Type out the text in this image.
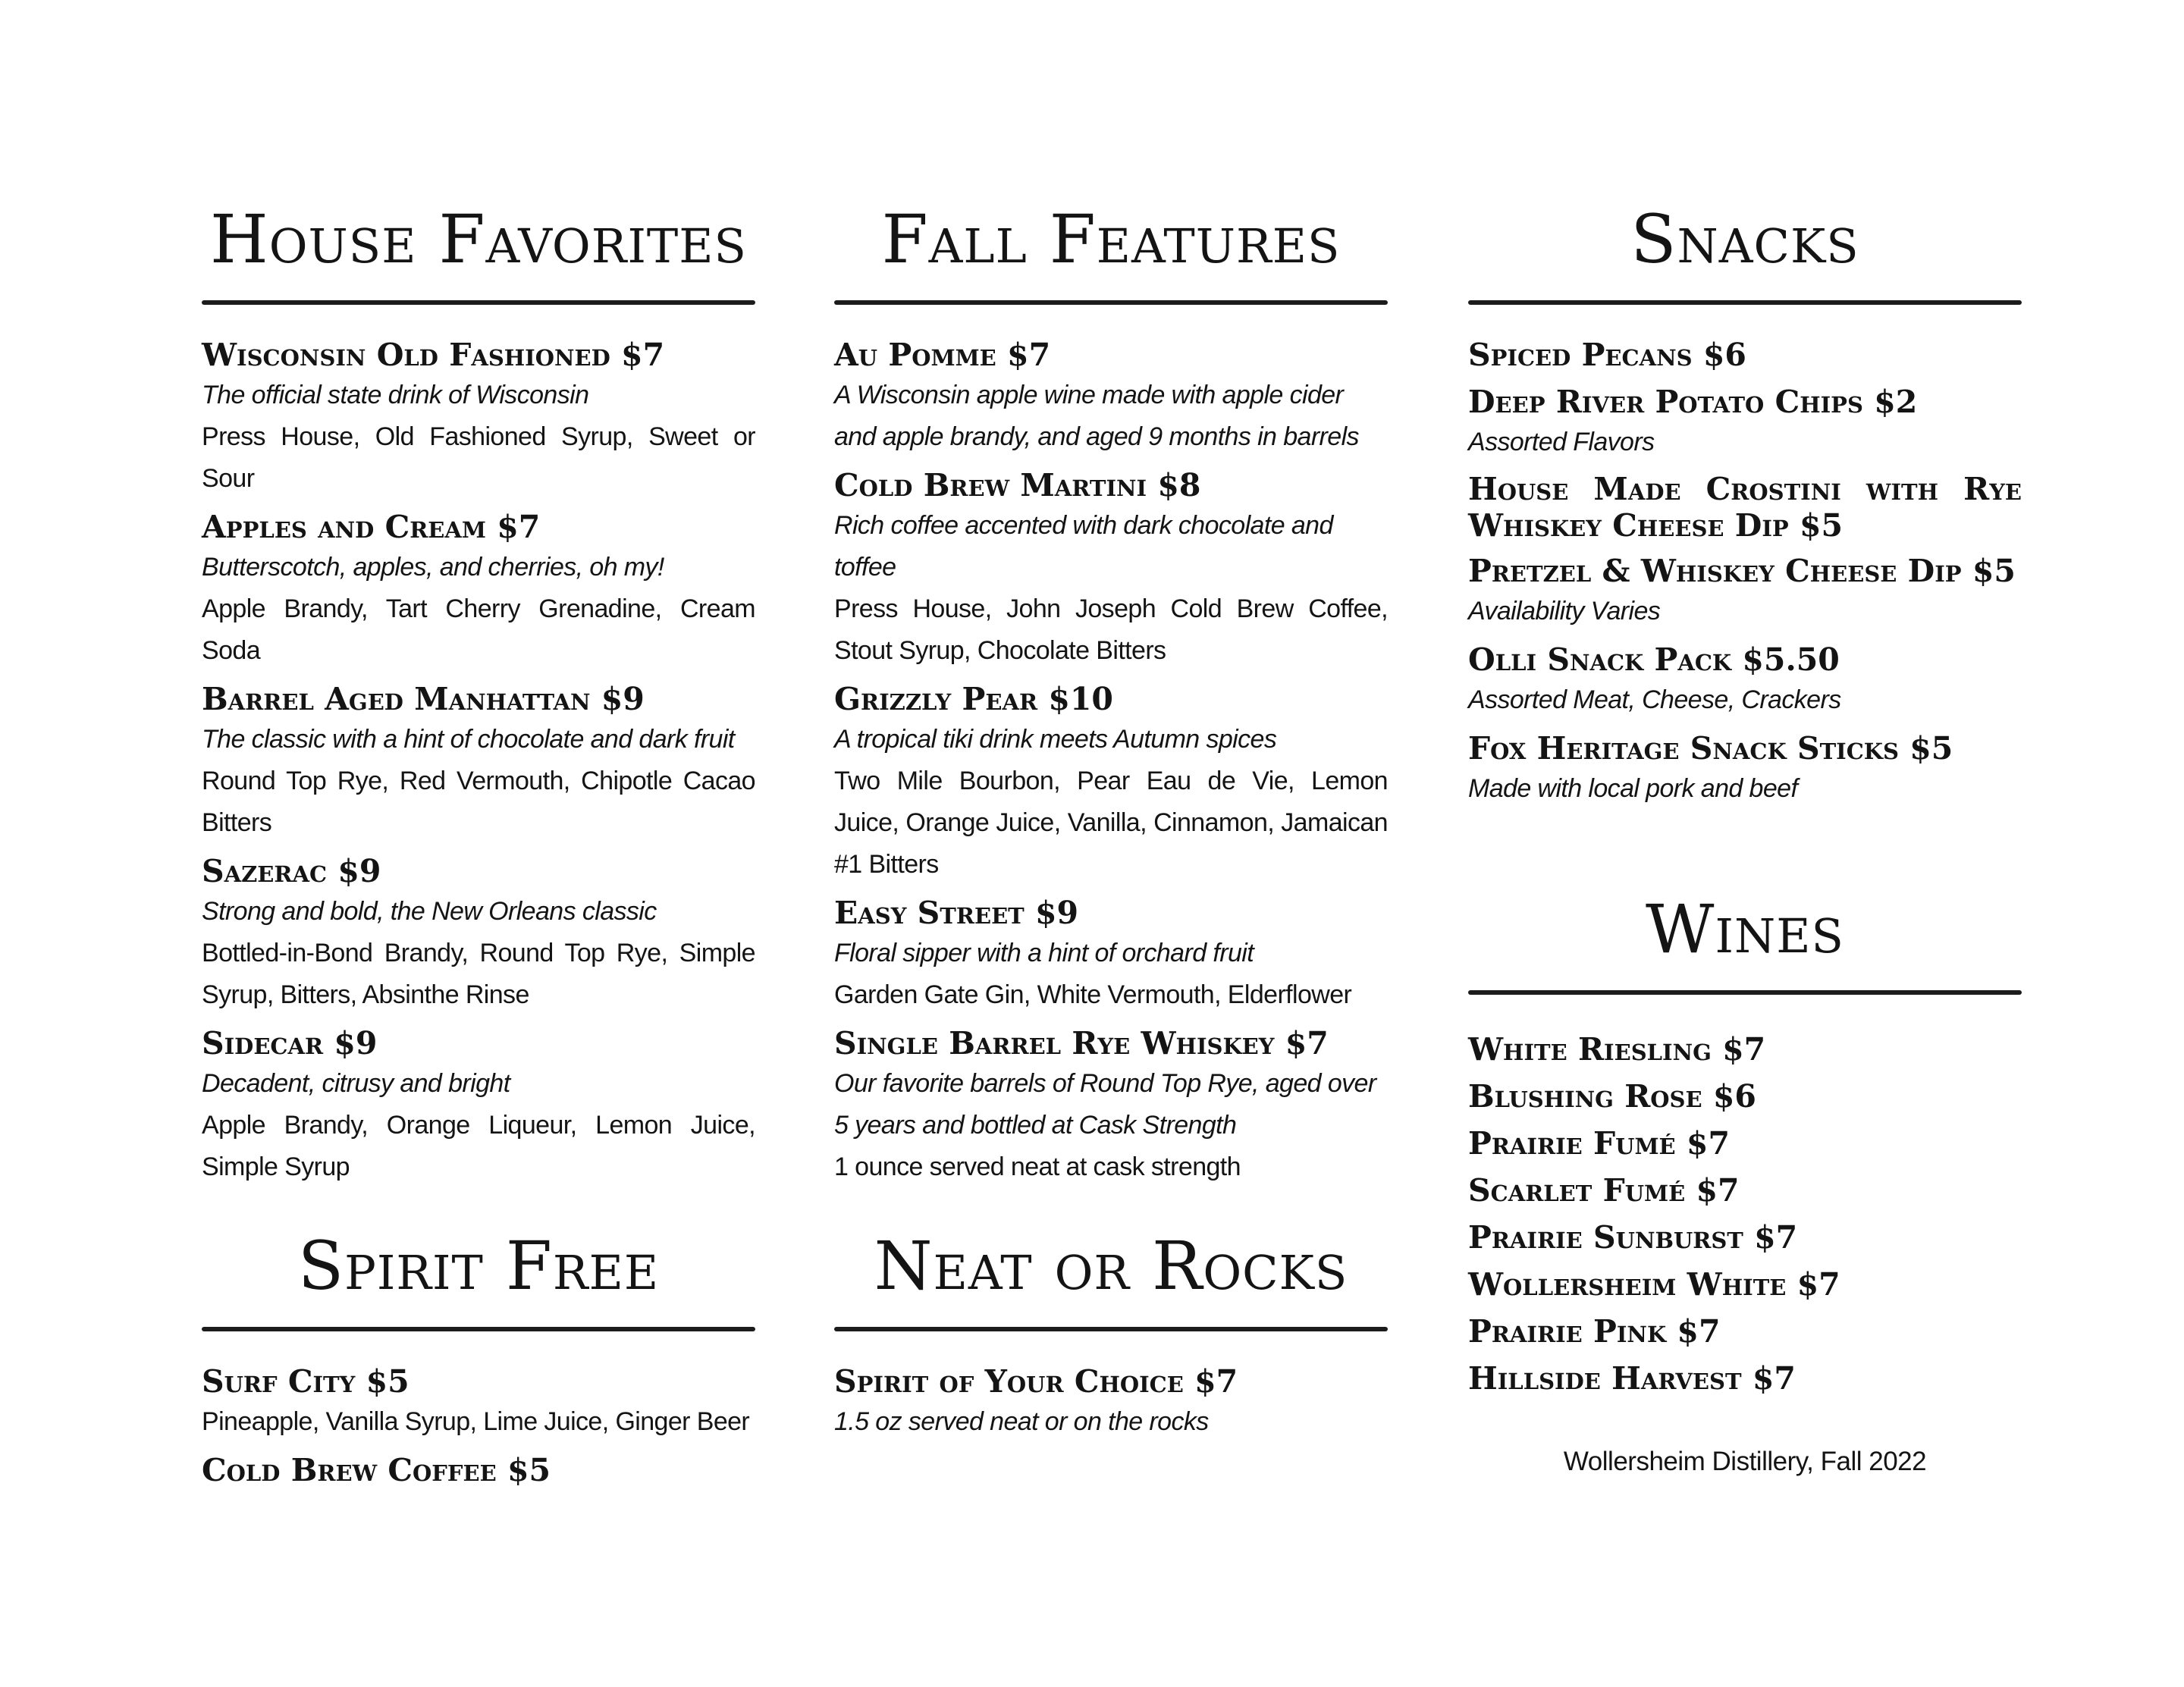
House Favorites

Wisconsin Old Fashioned $7

The official state drink of Wisconsin

Press House, Old Fashioned Syrup, Sweet or Sour

Apples and Cream $7

Butterscotch, apples, and cherries, oh my!

Apple Brandy, Tart Cherry Grenadine, Cream Soda

Barrel Aged Manhattan $9

The classic with a hint of chocolate and dark fruit

Round Top Rye, Red Vermouth, Chipotle Cacao Bitters

Sazerac $9

Strong and bold, the New Orleans classic

Bottled-in-Bond Brandy, Round Top Rye, Simple Syrup, Bitters, Absinthe Rinse

Sidecar $9

Decadent, citrusy and bright

Apple Brandy, Orange Liqueur, Lemon Juice, Simple Syrup

Fall Features

Au Pomme $7

A Wisconsin apple wine made with apple cider and apple brandy, and aged 9 months in barrels

Cold Brew Martini $8

Rich coffee accented with dark chocolate and toffee

Press House, John Joseph Cold Brew Coffee, Stout Syrup, Chocolate Bitters

Grizzly Pear $10

A tropical tiki drink meets Autumn spices

Two Mile Bourbon, Pear Eau de Vie, Lemon Juice, Orange Juice, Vanilla, Cinnamon, Jamaican #1 Bitters

Easy Street $9

Floral sipper with a hint of orchard fruit

Garden Gate Gin, White Vermouth, Elderflower

Single Barrel Rye Whiskey $7

Our favorite barrels of Round Top Rye, aged over 5 years and bottled at Cask Strength

1 ounce served neat at cask strength

Snacks

Spiced Pecans $6

Deep River Potato Chips $2

Assorted Flavors

House Made Crostini with Rye Whiskey Cheese Dip $5

Pretzel & Whiskey Cheese Dip $5

Availability Varies

Olli Snack Pack $5.50

Assorted Meat, Cheese, Crackers

Fox Heritage Snack Sticks $5

Made with local pork and beef

Wines

White Riesling $7

Blushing Rose $6

Prairie Fumé $7

Scarlet Fumé $7

Prairie Sunburst $7

Wollersheim White $7

Prairie Pink $7

Hillside Harvest $7

Spirit Free

Surf City $5

Pineapple, Vanilla Syrup, Lime Juice, Ginger Beer

Cold Brew Coffee $5

Neat or Rocks

Spirit of Your Choice $7

1.5 oz served neat or on the rocks

Wollersheim Distillery, Fall 2022
